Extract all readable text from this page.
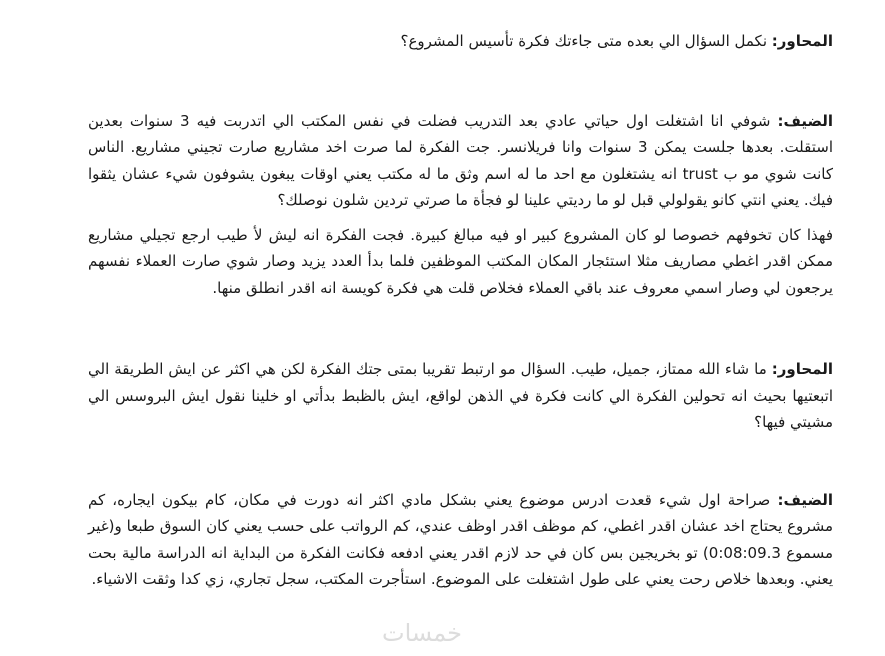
المحاور: نكمل السؤال الي بعده متى جاءتك فكرة تأسيس المشروع؟

الضيف: شوفي انا اشتغلت اول حياتي عادي بعد التدريب فضلت في نفس المكتب الي اتدربت فيه 3 سنوات بعدين استقلت. بعدها جلست يمكن 3 سنوات وانا فريلانسر. جت الفكرة لما صرت اخد مشاريع صارت تجيني مشاريع. الناس كانت شوي مو ب trust انه يشتغلون مع احد ما له اسم وثق ما له مكتب يعني اوقات يبغون يشوفون شيء عشان يثقوا فيك. يعني انتي كانو يقولولي قبل لو ما رديتي علينا لو فجأة ما صرتي تردين شلون نوصلك؟

فهذا كان تخوفهم خصوصا لو كان المشروع كبير او فيه مبالغ كبيرة. فجت الفكرة انه ليش لأ طيب ارجع تجيلي مشاريع ممكن اقدر اغطي مصاريف مثلا استئجار المكان المكتب الموظفين فلما بدأ العدد يزيد وصار شوي صارت العملاء نفسهم يرجعون لي وصار اسمي معروف عند باقي العملاء فخلاص قلت هي فكرة كويسة انه اقدر انطلق منها.

المحاور: ما شاء الله ممتاز، جميل، طيب. السؤال مو ارتبط تقريبا بمتى جتك الفكرة لكن هي اكثر عن ايش الطريقة الي اتبعتيها بحيث انه تحولين الفكرة الي كانت فكرة في الذهن لواقع، ايش بالظبط بدأتي او خلينا نقول ايش البروسس الي مشيتي فيها؟

الضيف: صراحة اول شيء قعدت ادرس موضوع يعني بشكل مادي اكثر انه دورت في مكان، كام بيكون ايجاره، كم مشروع يحتاج اخد عشان اقدر اغطي، كم موظف اقدر اوظف عندي، كم الرواتب على حسب يعني كان السوق طبعا و(غير مسموع 0:08:09.3) تو بخريجين بس كان في حد لازم اقدر يعني ادفعه فكانت الفكرة من البداية انه الدراسة مالية بحت يعني. وبعدها خلاص رحت يعني على طول اشتغلت على الموضوع. استأجرت المكتب، سجل تجاري، زي كدا وثقت الاشياء.

خمسات
